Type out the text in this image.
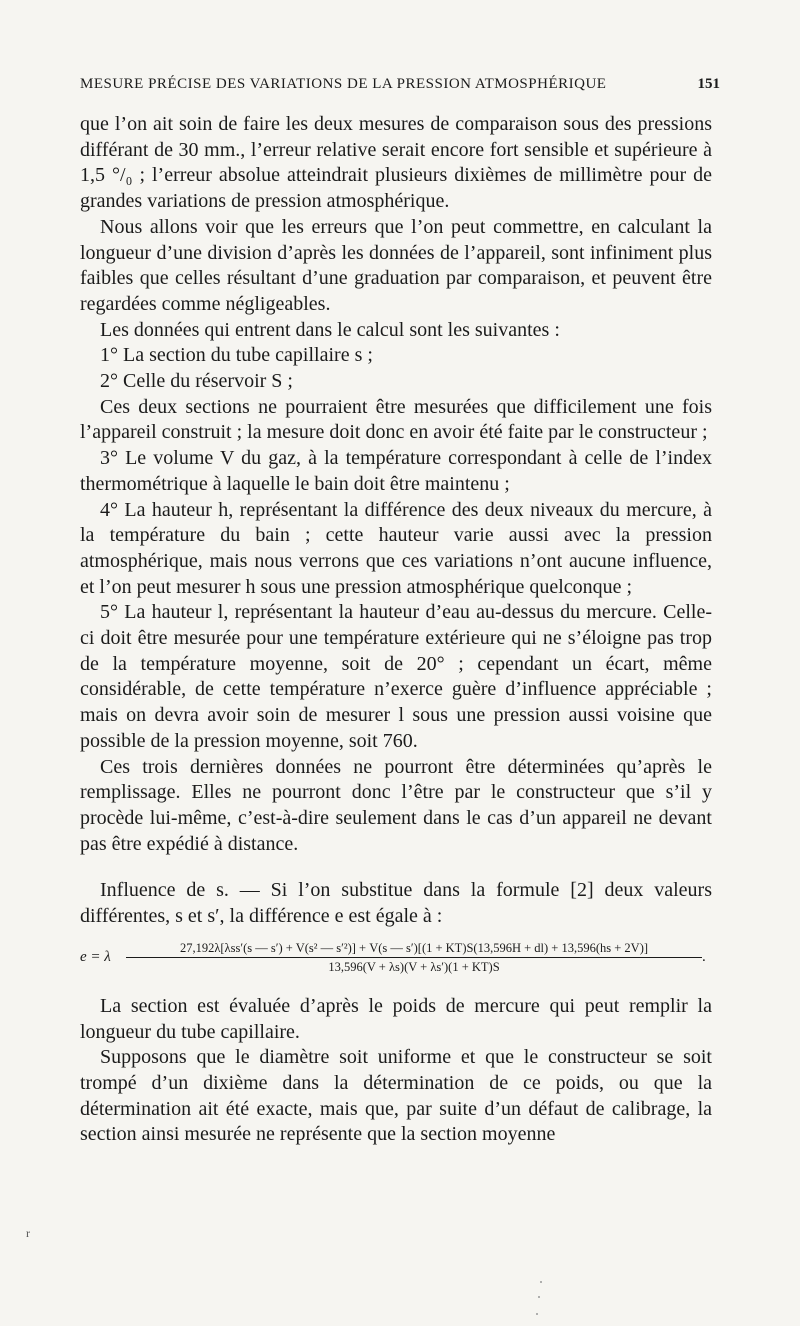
MESURE PRÉCISE DES VARIATIONS DE LA PRESSION ATMOSPHÉRIQUE	151

que l’on ait soin de faire les deux mesures de comparaison sous des pressions différant de 30 mm., l’erreur relative serait encore fort sensible et supérieure à 1,5 °/₀ ; l’erreur absolue atteindrait plusieurs dixièmes de millimètre pour de grandes variations de pression atmosphérique.

Nous allons voir que les erreurs que l’on peut commettre, en calculant la longueur d’une division d’après les données de l’appareil, sont infiniment plus faibles que celles résultant d’une graduation par comparaison, et peuvent être regardées comme négligeables.

Les données qui entrent dans le calcul sont les suivantes :

1° La section du tube capillaire s ;

2° Celle du réservoir S ;

Ces deux sections ne pourraient être mesurées que difficilement une fois l’appareil construit ; la mesure doit donc en avoir été faite par le constructeur ;

3° Le volume V du gaz, à la température correspondant à celle de l’index thermométrique à laquelle le bain doit être maintenu ;

4° La hauteur h, représentant la différence des deux niveaux du mercure, à la température du bain ; cette hauteur varie aussi avec la pression atmosphérique, mais nous verrons que ces variations n’ont aucune influence, et l’on peut mesurer h sous une pression atmosphérique quelconque ;

5° La hauteur l, représentant la hauteur d’eau au-dessus du mercure. Celle-ci doit être mesurée pour une température extérieure qui ne s’éloigne pas trop de la température moyenne, soit de 20° ; cependant un écart, même considérable, de cette température n’exerce guère d’influence appréciable ; mais on devra avoir soin de mesurer l sous une pression aussi voisine que possible de la pression moyenne, soit 760.

Ces trois dernières données ne pourront être déterminées qu’après le remplissage. Elles ne pourront donc l’être par le constructeur que s’il y procède lui-même, c’est-à-dire seulement dans le cas d’un appareil ne devant pas être expédié à distance.

Influence de s. — Si l’on substitue dans la formule [2] deux valeurs différentes, s et s′, la différence e est égale à :

e = λ
27,192λ[λss′(s — s′) + V(s² — s′²)] + V(s — s′)[(1 + KT)S(13,596H + dl) + 13,596(hs + 2V)]
13,596(V + λs)(V + λs′)(1 + KT)S
.

La section est évaluée d’après le poids de mercure qui peut remplir la longueur du tube capillaire.

Supposons que le diamètre soit uniforme et que le constructeur se soit trompé d’un dixième dans la détermination de ce poids, ou que la détermination ait été exacte, mais que, par suite d’un défaut de calibrage, la section ainsi mesurée ne représente que la section moyenne

r
